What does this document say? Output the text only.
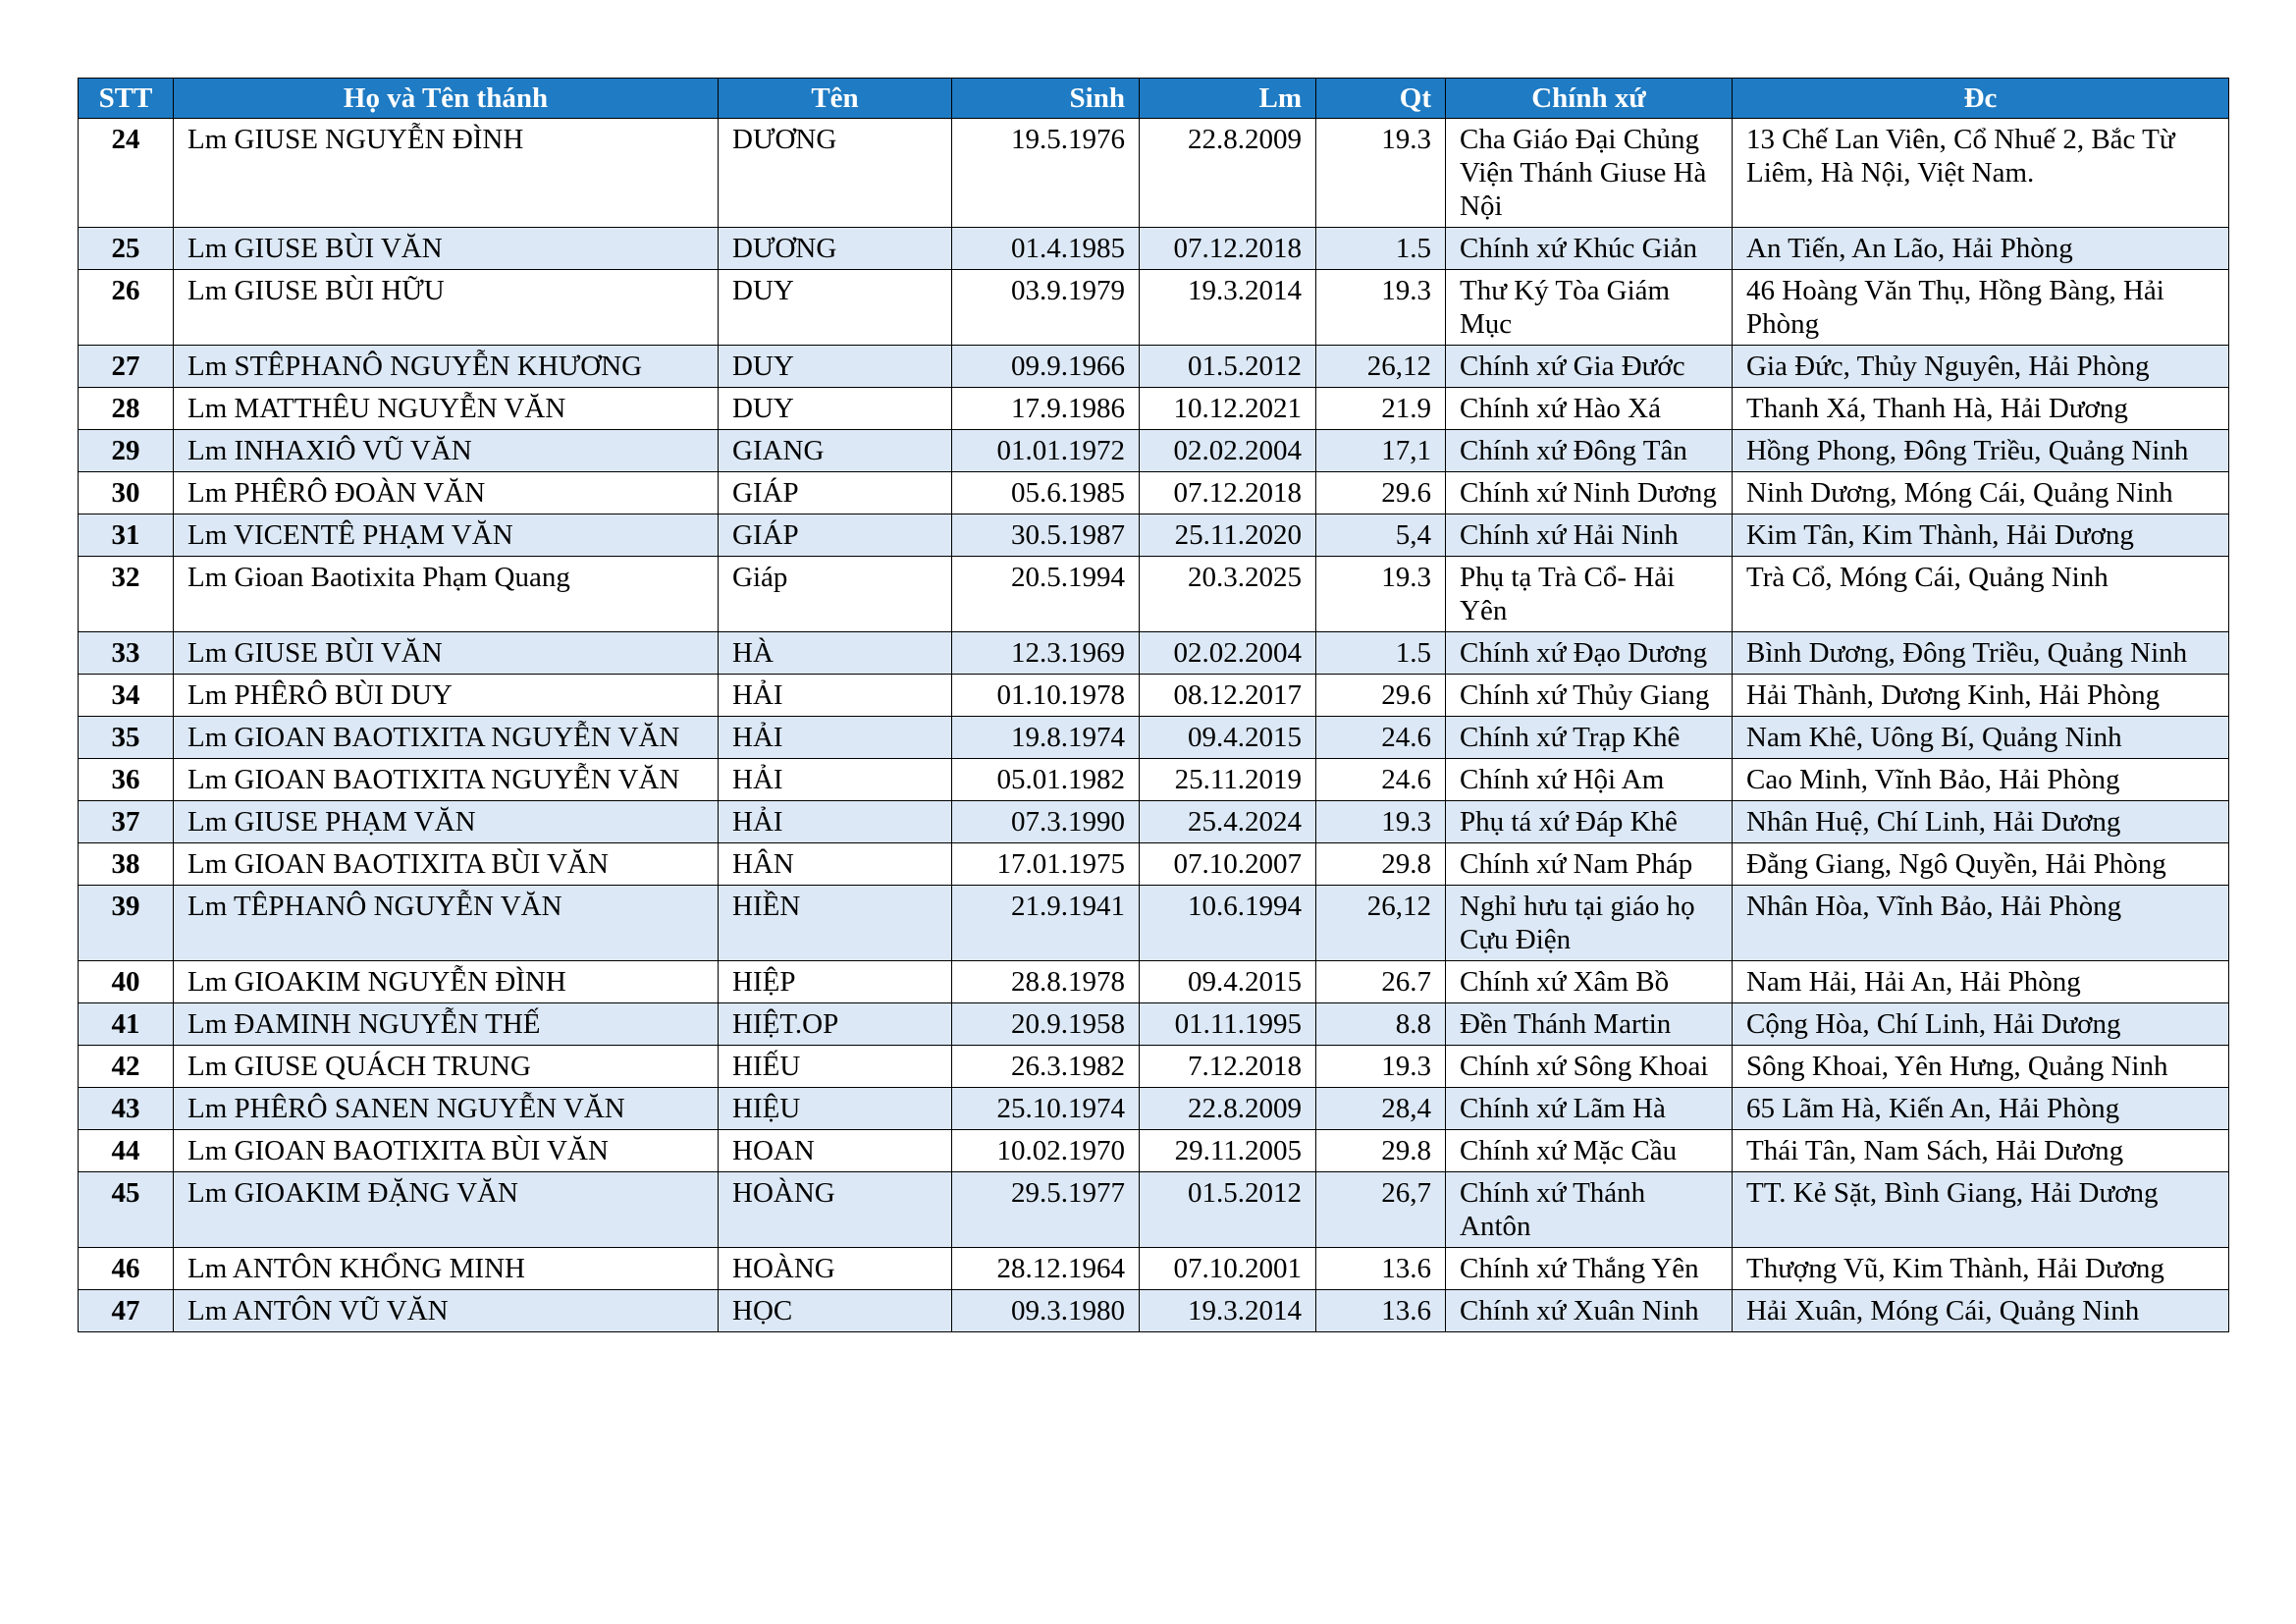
STT	Họ và Tên thánh	Tên	Sinh	Lm	Qt	Chính xứ	Đc
24	Lm GIUSE NGUYỄN ĐÌNH	DƯƠNG	19.5.1976	22.8.2009	19.3	Cha Giáo Đại Chủng Viện Thánh Giuse Hà Nội	13 Chế Lan Viên, Cổ Nhuế 2, Bắc Từ Liêm, Hà Nội, Việt Nam.
25	Lm GIUSE BÙI VĂN	DƯƠNG	01.4.1985	07.12.2018	1.5	Chính xứ Khúc Giản	An Tiến, An Lão, Hải Phòng
26	Lm GIUSE BÙI HỮU	DUY	03.9.1979	19.3.2014	19.3	Thư Ký Tòa Giám Mục	46 Hoàng Văn Thụ, Hồng Bàng, Hải Phòng
27	Lm STÊPHANÔ NGUYỄN KHƯƠNG	DUY	09.9.1966	01.5.2012	26,12	Chính xứ Gia Đước	Gia Đức, Thủy Nguyên, Hải Phòng
28	Lm MATTHÊU NGUYỄN VĂN	DUY	17.9.1986	10.12.2021	21.9	Chính xứ Hào Xá	Thanh Xá, Thanh Hà, Hải Dương
29	Lm INHAXIÔ VŨ VĂN	GIANG	01.01.1972	02.02.2004	17,1	Chính xứ Đông Tân	Hồng Phong, Đông Triều, Quảng Ninh
30	Lm PHÊRÔ ĐOÀN VĂN	GIÁP	05.6.1985	07.12.2018	29.6	Chính xứ Ninh Dương	Ninh Dương, Móng Cái, Quảng Ninh
31	Lm VICENTÊ PHẠM VĂN	GIÁP	30.5.1987	25.11.2020	5,4	Chính xứ Hải Ninh	Kim Tân, Kim Thành, Hải Dương
32	Lm Gioan Baotixita Phạm Quang	Giáp	20.5.1994	20.3.2025	19.3	Phụ tạ Trà Cổ- Hải Yên	Trà Cổ, Móng Cái, Quảng Ninh
33	Lm GIUSE BÙI VĂN	HÀ	12.3.1969	02.02.2004	1.5	Chính xứ Đạo Dương	Bình Dương, Đông Triều, Quảng Ninh
34	Lm PHÊRÔ BÙI DUY	HẢI	01.10.1978	08.12.2017	29.6	Chính xứ Thủy Giang	Hải Thành, Dương Kinh, Hải Phòng
35	Lm GIOAN BAOTIXITA NGUYỄN VĂN	HẢI	19.8.1974	09.4.2015	24.6	Chính xứ Trạp Khê	Nam Khê, Uông Bí, Quảng Ninh
36	Lm GIOAN BAOTIXITA NGUYỄN VĂN	HẢI	05.01.1982	25.11.2019	24.6	Chính xứ Hội Am	Cao Minh, Vĩnh Bảo, Hải Phòng
37	Lm GIUSE PHẠM VĂN	HẢI	07.3.1990	25.4.2024	19.3	Phụ tá xứ Đáp Khê	Nhân Huệ, Chí Linh, Hải Dương
38	Lm GIOAN BAOTIXITA BÙI VĂN	HÂN	17.01.1975	07.10.2007	29.8	Chính xứ Nam Pháp	Đằng Giang, Ngô Quyền, Hải Phòng
39	Lm TÊPHANÔ NGUYỄN VĂN	HIỀN	21.9.1941	10.6.1994	26,12	Nghỉ hưu tại giáo họ Cựu Điện	Nhân Hòa, Vĩnh Bảo, Hải Phòng
40	Lm GIOAKIM NGUYỄN ĐÌNH	HIỆP	28.8.1978	09.4.2015	26.7	Chính xứ Xâm Bồ	Nam Hải, Hải An, Hải Phòng
41	Lm ĐAMINH NGUYỄN THẾ	HIỆT.OP	20.9.1958	01.11.1995	8.8	Đền Thánh Martin	Cộng Hòa, Chí Linh, Hải Dương
42	Lm GIUSE QUÁCH TRUNG	HIẾU	26.3.1982	7.12.2018	19.3	Chính xứ Sông Khoai	Sông Khoai, Yên Hưng, Quảng Ninh
43	Lm PHÊRÔ SANEN NGUYỄN VĂN	HIỆU	25.10.1974	22.8.2009	28,4	Chính xứ Lãm Hà	65 Lãm Hà, Kiến An, Hải Phòng
44	Lm GIOAN BAOTIXITA BÙI VĂN	HOAN	10.02.1970	29.11.2005	29.8	Chính xứ Mặc Cầu	Thái Tân, Nam Sách, Hải Dương
45	Lm GIOAKIM ĐẶNG VĂN	HOÀNG	29.5.1977	01.5.2012	26,7	Chính xứ Thánh Antôn	TT. Kẻ Sặt, Bình Giang, Hải Dương
46	Lm ANTÔN KHỔNG MINH	HOÀNG	28.12.1964	07.10.2001	13.6	Chính xứ Thắng Yên	Thượng Vũ, Kim Thành, Hải Dương
47	Lm ANTÔN VŨ VĂN	HỌC	09.3.1980	19.3.2014	13.6	Chính xứ Xuân Ninh	Hải Xuân, Móng Cái, Quảng Ninh
